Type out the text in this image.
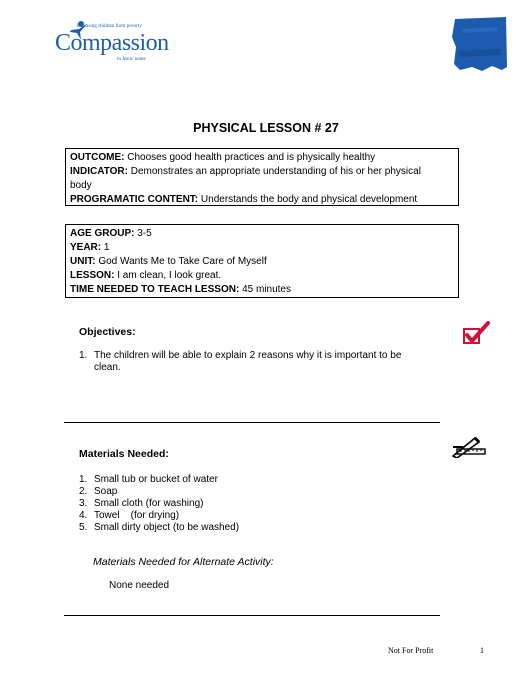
Releasing children from poverty
Compassion
in Jesus' name
PHYSICAL LESSON # 27
OUTCOME: Chooses good health practices and is physically healthy
INDICATOR: Demonstrates an appropriate understanding of his or her physical
body
PROGRAMATIC CONTENT: Understands the body and physical development
AGE GROUP: 3-5
YEAR: 1
UNIT: God Wants Me to Take Care of Myself
LESSON: I am clean, I look great.
TIME NEEDED TO TEACH LESSON: 45 minutes
Objectives:
1. The children will be able to explain 2 reasons why it is important to be
clean.
Materials Needed:
1. Small tub or bucket of water
2. Soap
3. Small cloth (for washing)
4. Towel    (for drying)
5. Small dirty object (to be washed)
Materials Needed for Alternate Activity:
None needed
Not For Profit	1
